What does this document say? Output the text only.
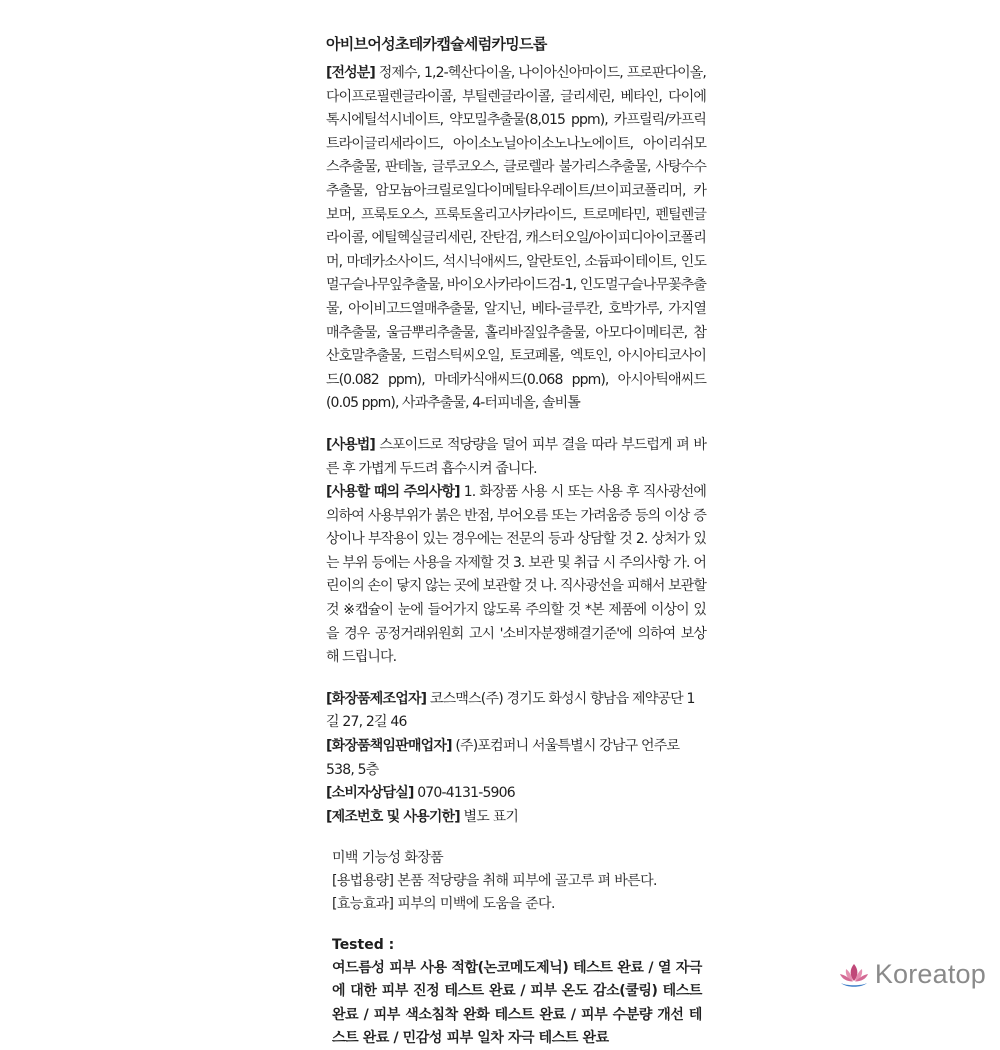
아비브어성초테카캡슐세럼카밍드롭
[전성분] 정제수, 1,2-헥산다이올, 나이아신아마이드, 프로판다이올, 다이프로필렌글라이콜, 부틸렌글라이콜, 글리세린, 베타인, 다이에톡시에틸석시네이트, 약모밀추출물(8,015 ppm), 카프릴릭/카프릭트라이글리세라이드, 아이소노닐아이소노나노에이트, 아이리쉬모스추출물, 판테놀, 글루코오스, 클로렐라 불가리스추출물, 사탕수수추출물, 암모늄아크릴로일다이메틸타우레이트/브이피코폴리머, 카보머, 프룩토오스, 프룩토올리고사카라이드, 트로메타민, 펜틸렌글라이콜, 에틸헥실글리세린, 잔탄검, 캐스터오일/아이피디아이코폴리머, 마데카소사이드, 석시닉애씨드, 알란토인, 소듐파이테이트, 인도멀구슬나무잎추출물, 바이오사카라이드검-1, 인도멀구슬나무꽃추출물, 아이비고드열매추출물, 알지닌, 베타-글루칸, 호박가루, 가지열매추출물, 울금뿌리추출물, 홀리바질잎추출물, 아모다이메티콘, 참산호말추출물, 드럼스틱씨오일, 토코페롤, 엑토인, 아시아티코사이드(0.082 ppm), 마데카식애씨드(0.068 ppm), 아시아틱애씨드(0.05 ppm), 사과추출물, 4-터피네올, 솔비톨
[사용법] 스포이드로 적당량을 덜어 피부 결을 따라 부드럽게 펴 바른 후 가볍게 두드려 흡수시켜 줍니다.
[사용할 때의 주의사항] 1. 화장품 사용 시 또는 사용 후 직사광선에 의하여 사용부위가 붉은 반점, 부어오름 또는 가려움증 등의 이상 증상이나 부작용이 있는 경우에는 전문의 등과 상담할 것 2. 상처가 있는 부위 등에는 사용을 자제할 것 3. 보관 및 취급 시 주의사항 가. 어린이의 손이 닿지 않는 곳에 보관할 것 나. 직사광선을 피해서 보관할 것 ※캡슐이 눈에 들어가지 않도록 주의할 것 *본 제품에 이상이 있을 경우 공정거래위원회 고시 '소비자분쟁해결기준'에 의하여 보상해 드립니다.
[화장품제조업자] 코스맥스(주) 경기도 화성시 향남읍 제약공단 1길 27, 2길 46
[화장품책임판매업자] (주)포컴퍼니 서울특별시 강남구 언주로 538, 5층
[소비자상담실] 070-4131-5906
[제조번호 및 사용기한] 별도 표기
미백 기능성 화장품
[용법용량] 본품 적당량을 취해 피부에 골고루 펴 바른다.
[효능효과] 피부의 미백에 도움을 준다.
Tested :
여드름성 피부 사용 적합(논코메도제닉) 테스트 완료 / 열 자극에 대한 피부 진정 테스트 완료 / 피부 온도 감소(쿨링) 테스트 완료 / 피부 색소침착 완화 테스트 완료 / 피부 수분량 개선 테스트 완료 / 민감성 피부 일차 자극 테스트 완료
Koreatop
